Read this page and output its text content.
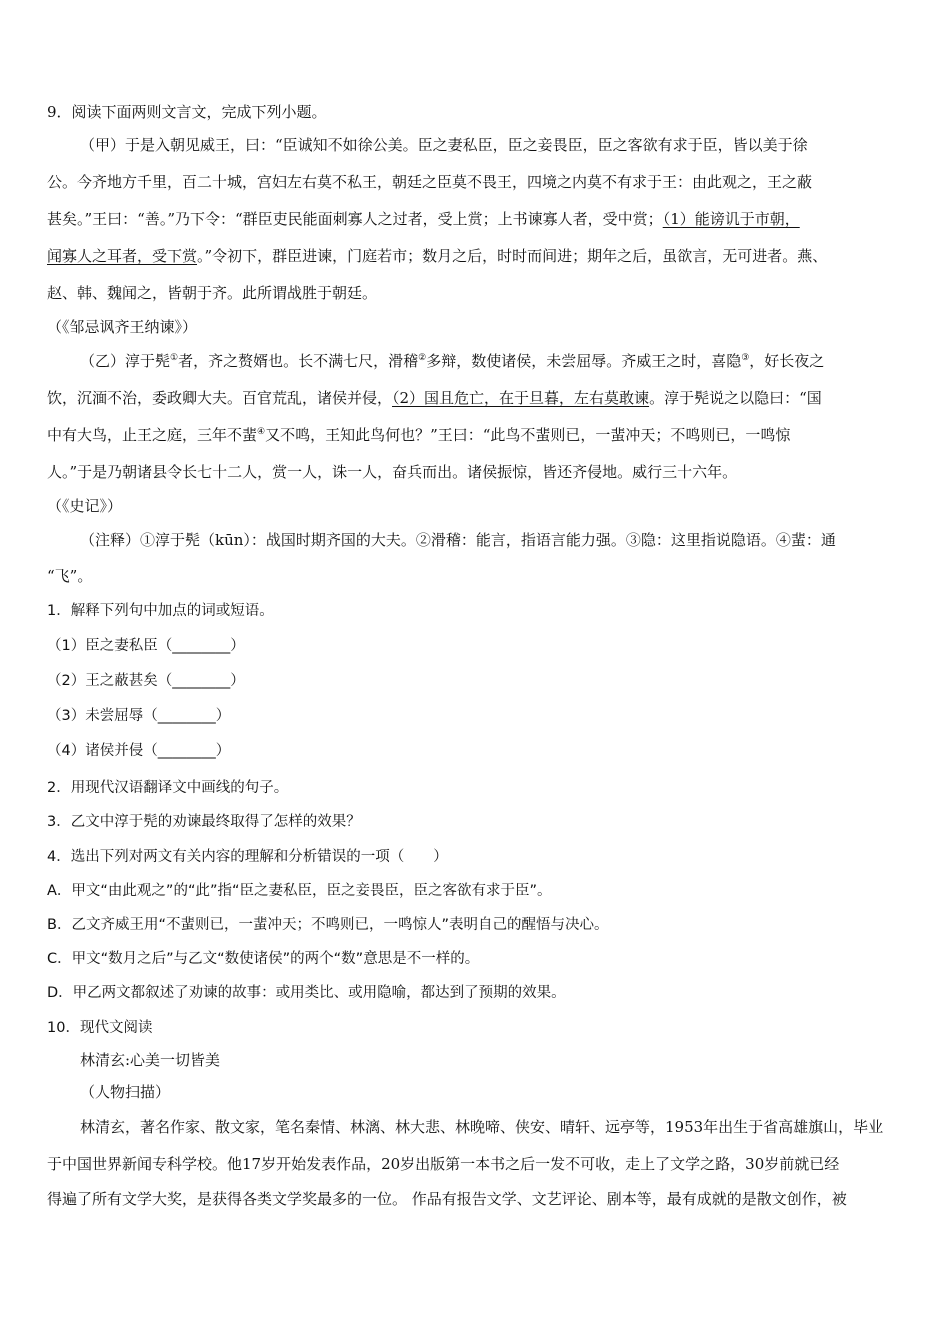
9．阅读下面两则文言文，完成下列小题。
（甲）于是入朝见威王，曰：“臣诚知不如徐公美。臣之妻私臣，臣之妾畏臣，臣之客欲有求于臣，皆以美于徐
公。今齐地方千里，百二十城，宫妇左右莫不私王，朝廷之臣莫不畏王，四境之内莫不有求于王：由此观之，王之蔽
甚矣。”王曰：“善。”乃下令：“群臣吏民能面刺寡人之过者，受上赏；上书谏寡人者，受中赏；（1）能谤讥于市朝，
闻寡人之耳者，受下赏。”令初下，群臣进谏，门庭若市；数月之后，时时而间进；期年之后，虽欲言，无可进者。燕、
赵、韩、魏闻之，皆朝于齐。此所谓战胜于朝廷。
（《邹忌讽齐王纳谏》）
（乙）淳于髡①者，齐之赘婿也。长不满七尺，滑稽②多辩，数使诸侯，未尝屈辱。齐威王之时，喜隐③，好长夜之
饮，沉湎不治，委政卿大夫。百官荒乱，诸侯并侵，（2）国且危亡，在于旦暮，左右莫敢谏。淳于髡说之以隐曰：“国
中有大鸟，止王之庭，三年不蜚④又不鸣，王知此鸟何也？”王曰：“此鸟不蜚则已，一蜚冲天；不鸣则已，一鸣惊
人。”于是乃朝诸县令长七十二人，赏一人，诛一人，奋兵而出。诸侯振惊，皆还齐侵地。威行三十六年。
（《史记》）
（注释）①淳于髡（kūn）：战国时期齐国的大夫。②滑稽：能言，指语言能力强。③隐：这里指说隐语。④蜚：通
“飞”。
1．解释下列句中加点的词或短语。
（1）臣之妻私臣（________）
（2）王之蔽甚矣（________）
（3）未尝屈辱（________）
（4）诸侯并侵（________）
2．用现代汉语翻译文中画线的句子。
3．乙文中淳于髡的劝谏最终取得了怎样的效果？
4．选出下列对两文有关内容的理解和分析错误的一项（　　）
A．甲文“由此观之”的“此”指“臣之妻私臣，臣之妾畏臣，臣之客欲有求于臣”。
B．乙文齐威王用“不蜚则已，一蜚冲天；不鸣则已，一鸣惊人”表明自己的醒悟与决心。
C．甲文“数月之后”与乙文“数使诸侯”的两个“数”意思是不一样的。
D．甲乙两文都叙述了劝谏的故事：或用类比、或用隐喻，都达到了预期的效果。
10．现代文阅读
林清玄:心美一切皆美
（人物扫描）
林清玄，著名作家、散文家，笔名秦情、林漓、林大悲、林晚啼、侠安、晴轩、远亭等，1953年出生于省高雄旗山，毕业
于中国世界新闻专科学校。他17岁开始发表作品，20岁出版第一本书之后一发不可收，走上了文学之路，30岁前就已经
得遍了所有文学大奖，是获得各类文学奖最多的一位。 作品有报告文学、文艺评论、剧本等，最有成就的是散文创作，被
